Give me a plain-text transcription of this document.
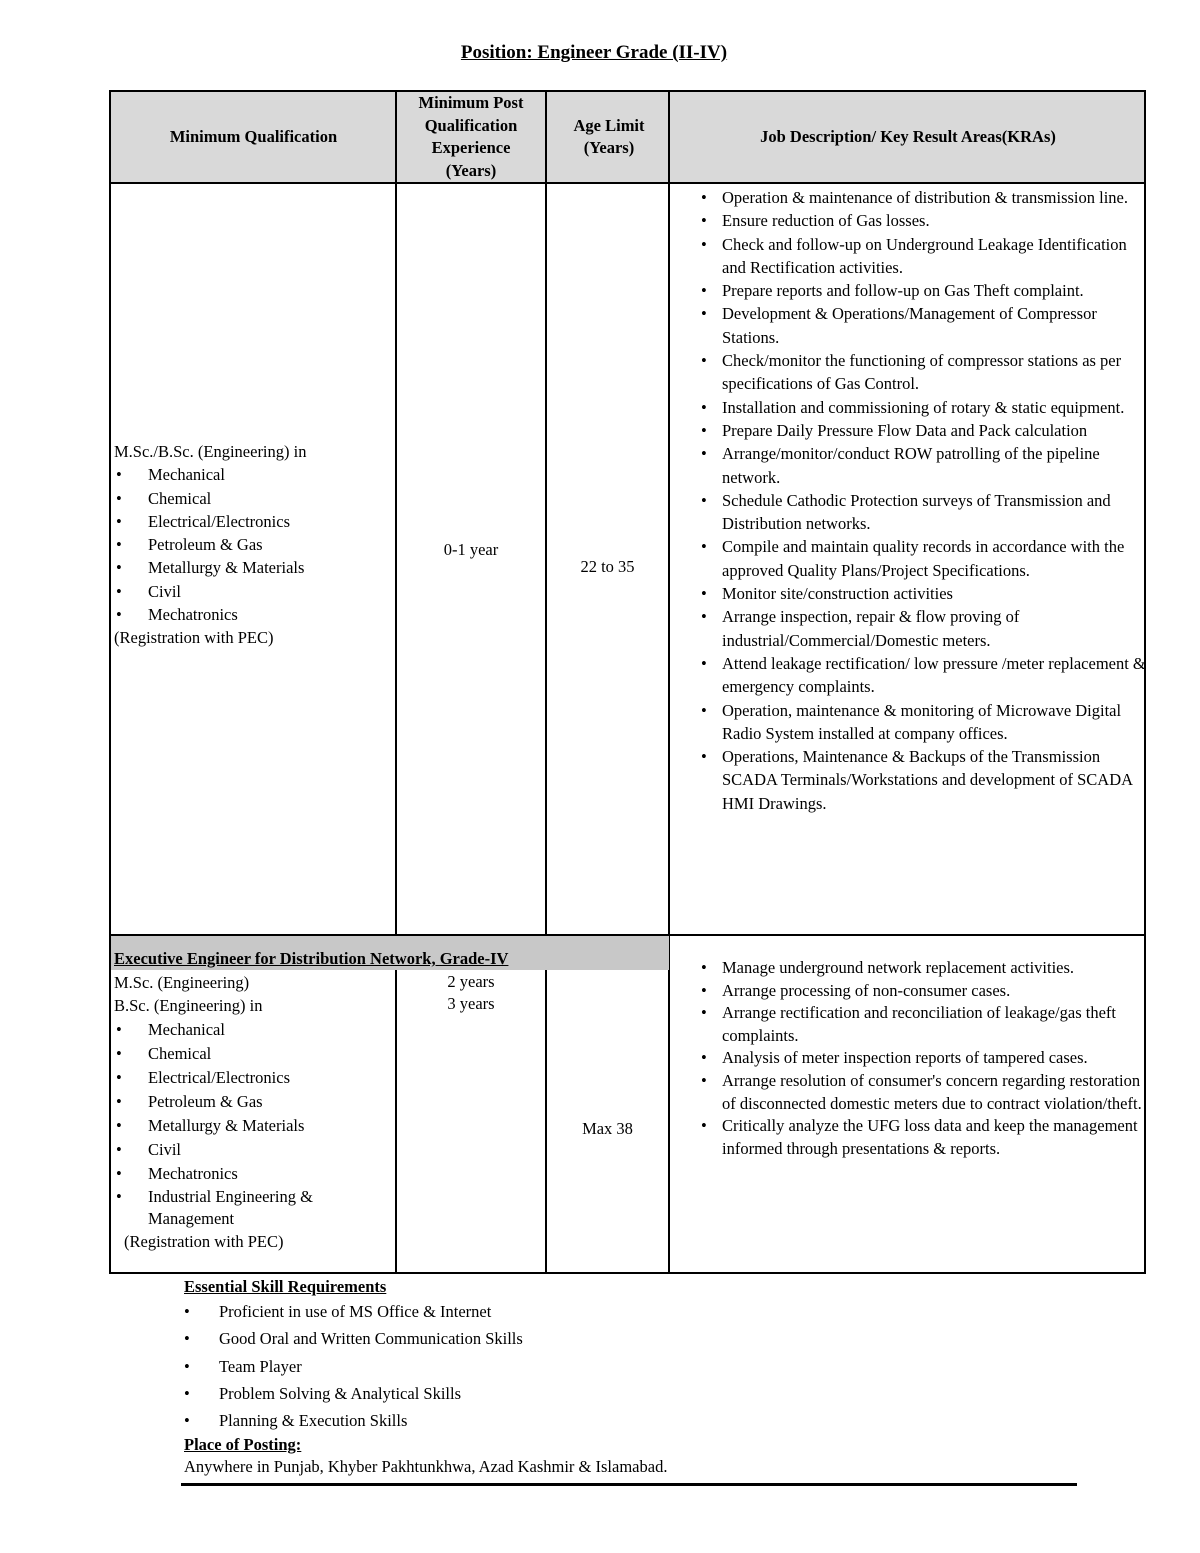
Position: Engineer Grade (II-IV)
Minimum Qualification
Minimum Post Qualification Experience (Years)
Age Limit (Years)
Job Description/ Key Result Areas(KRAs)
M.Sc./B.Sc. (Engineering) in
• Mechanical
• Chemical
• Electrical/Electronics
• Petroleum & Gas
• Metallurgy & Materials
• Civil
• Mechatronics
(Registration with PEC)
0-1 year
22 to 35
• Operation & maintenance of distribution & transmission line.
• Ensure reduction of Gas losses.
• Check and follow-up on Underground Leakage Identification and Rectification activities.
• Prepare reports and follow-up on Gas Theft complaint.
• Development & Operations/Management of Compressor Stations.
• Check/monitor the functioning of compressor stations as per specifications of Gas Control.
• Installation and commissioning of rotary & static equipment.
• Prepare Daily Pressure Flow Data and Pack calculation
• Arrange/monitor/conduct ROW patrolling of the pipeline network.
• Schedule Cathodic Protection surveys of Transmission and Distribution networks.
• Compile and maintain quality records in accordance with the approved Quality Plans/Project Specifications.
• Monitor site/construction activities
• Arrange inspection, repair & flow proving of industrial/Commercial/Domestic meters.
• Attend leakage rectification/ low pressure /meter replacement & emergency complaints.
• Operation, maintenance & monitoring of Microwave Digital Radio System installed at company offices.
• Operations, Maintenance & Backups of the Transmission SCADA Terminals/Workstations and development of SCADA HMI Drawings.
Executive Engineer for Distribution Network, Grade-IV
M.Sc. (Engineering)
B.Sc. (Engineering) in
• Mechanical
• Chemical
• Electrical/Electronics
• Petroleum & Gas
• Metallurgy & Materials
• Civil
• Mechatronics
• Industrial Engineering & Management
(Registration with PEC)
2 years
3 years
Max 38
• Manage underground network replacement activities.
• Arrange processing of non-consumer cases.
• Arrange rectification and reconciliation of leakage/gas theft complaints.
• Analysis of meter inspection reports of tampered cases.
• Arrange resolution of consumer's concern regarding restoration of disconnected domestic meters due to contract violation/theft.
• Critically analyze the UFG loss data and keep the management informed through presentations & reports.
Essential Skill Requirements
• Proficient in use of MS Office & Internet
• Good Oral and Written Communication Skills
• Team Player
• Problem Solving & Analytical Skills
• Planning & Execution Skills
Place of Posting:
Anywhere in Punjab, Khyber Pakhtunkhwa, Azad Kashmir & Islamabad.
